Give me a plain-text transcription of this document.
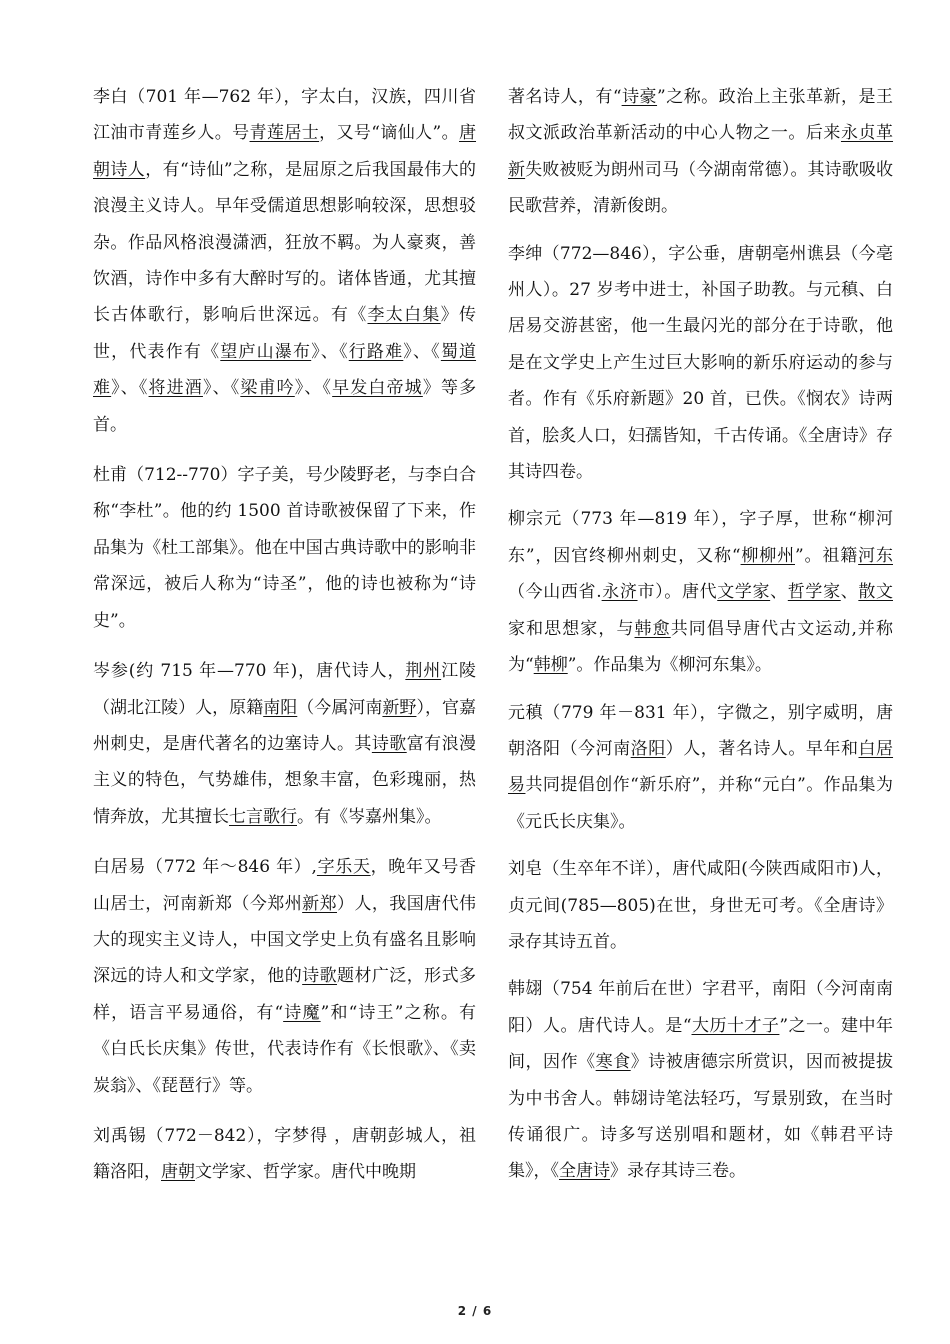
李白（701 年—762 年），字太白，汉族，四川省江油市青莲乡人。号青莲居士，又号“谪仙人”。唐朝诗人，有“诗仙”之称，是屈原之后我国最伟大的浪漫主义诗人。早年受儒道思想影响较深，思想驳杂。作品风格浪漫潇洒，狂放不羁。为人豪爽，善饮酒，诗作中多有大醉时写的。诸体皆通，尤其擅长古体歌行，影响后世深远。有《李太白集》传世，代表作有《望庐山瀑布》、《行路难》、《蜀道难》、《将进酒》、《梁甫吟》、《早发白帝城》等多首。

杜甫（712--770）字子美，号少陵野老，与李白合称“李杜”。他的约 1500 首诗歌被保留了下来，作品集为《杜工部集》。他在中国古典诗歌中的影响非常深远，被后人称为“诗圣”，他的诗也被称为“诗史”。

岑参(约 715 年—770 年)，唐代诗人，荆州江陵（湖北江陵）人，原籍南阳（今属河南新野），官嘉州刺史，是唐代著名的边塞诗人。其诗歌富有浪漫主义的特色，气势雄伟，想象丰富，色彩瑰丽，热情奔放，尤其擅长七言歌行。有《岑嘉州集》。

白居易（772 年～846 年）,字乐天，晚年又号香山居士，河南新郑（今郑州新郑）人，我国唐代伟大的现实主义诗人，中国文学史上负有盛名且影响深远的诗人和文学家，他的诗歌题材广泛，形式多样，语言平易通俗，有“诗魔”和“诗王”之称。有《白氏长庆集》传世，代表诗作有《长恨歌》、《卖炭翁》、《琵琶行》等。

刘禹锡（772－842），字梦得 ，唐朝彭城人，祖籍洛阳，唐朝文学家、哲学家。唐代中晚期

著名诗人，有“诗豪”之称。政治上主张革新，是王叔文派政治革新活动的中心人物之一。后来永贞革新失败被贬为朗州司马（今湖南常德）。其诗歌吸收民歌营养，清新俊朗。

李绅（772—846），字公垂，唐朝亳州谯县（今亳州人）。27 岁考中进士，补国子助教。与元稹、白居易交游甚密，他一生最闪光的部分在于诗歌，他是在文学史上产生过巨大影响的新乐府运动的参与者。作有《乐府新题》20 首，已佚。《悯农》诗两首，脍炙人口，妇孺皆知，千古传诵。《全唐诗》存其诗四卷。

柳宗元（773 年—819 年），字子厚，世称“柳河东”，因官终柳州刺史，又称“柳柳州”。祖籍河东（今山西省.永济市）。唐代文学家、哲学家、散文家和思想家，与韩愈共同倡导唐代古文运动,并称为“韩柳”。作品集为《柳河东集》。

元稹（779 年－831 年），字微之，别字威明，唐朝洛阳（今河南洛阳）人，著名诗人。早年和白居易共同提倡创作“新乐府”，并称“元白”。作品集为《元氏长庆集》。

刘皂（生卒年不详），唐代咸阳(今陕西咸阳市)人，贞元间(785—805)在世，身世无可考。《全唐诗》录存其诗五首。

韩翃（754 年前后在世）字君平，南阳（今河南南阳）人。唐代诗人。是“大历十才子”之一。建中年间，因作《寒食》诗被唐德宗所赏识，因而被提拔为中书舍人。韩翃诗笔法轻巧，写景别致，在当时传诵很广。诗多写送别唱和题材，如《韩君平诗集》，《全唐诗》录存其诗三卷。

2 / 6
